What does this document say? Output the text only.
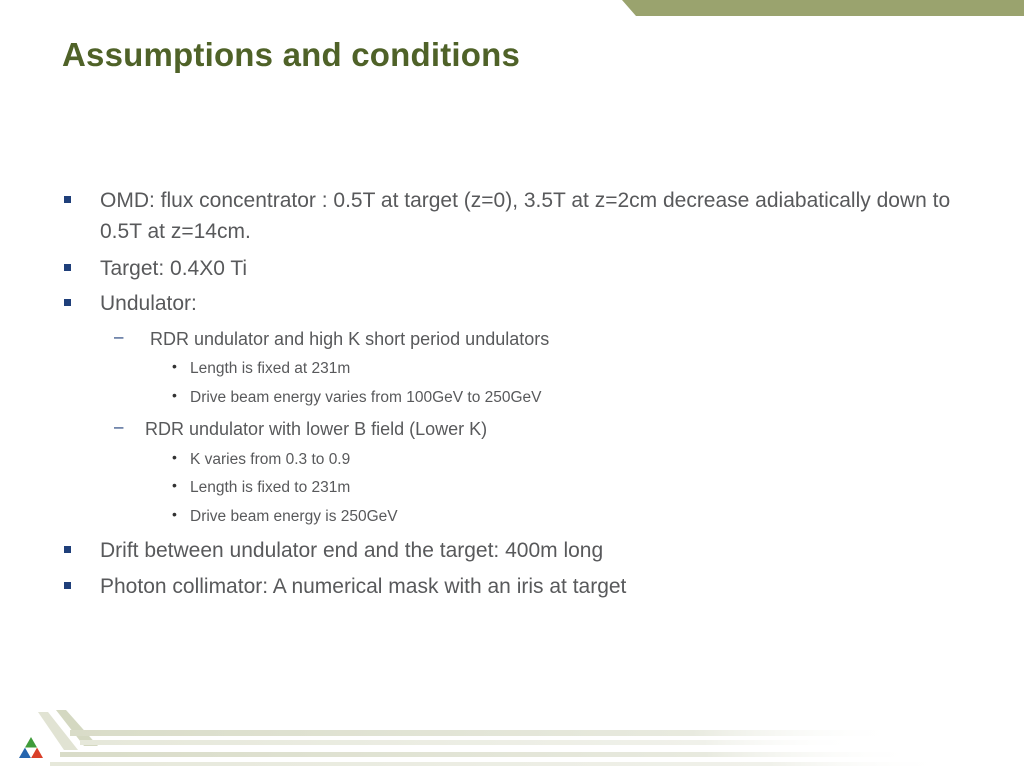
Assumptions and conditions
OMD: flux concentrator : 0.5T at target (z=0), 3.5T at z=2cm decrease adiabatically down to 0.5T at z=14cm.
Target: 0.4X0 Ti
Undulator:
– RDR undulator and high K short period undulators
• Length is fixed at 231m
• Drive beam energy varies from 100GeV to 250GeV
– RDR undulator with lower B field (Lower K)
• K varies from 0.3 to 0.9
• Length is fixed to 231m
• Drive beam energy is 250GeV
Drift between undulator end and the target: 400m long
Photon collimator: A numerical mask with an iris at target
